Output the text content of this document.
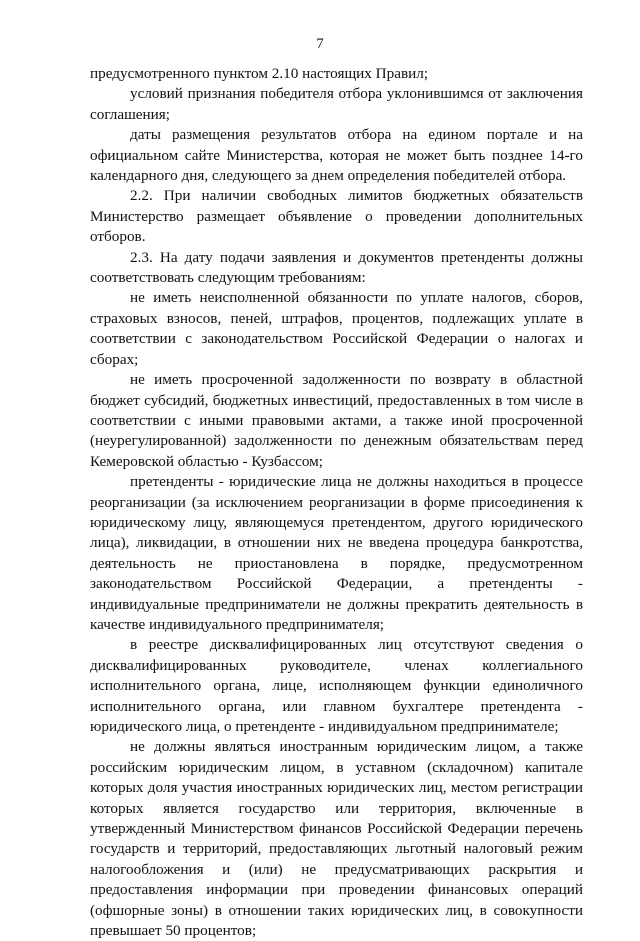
7

предусмотренного пунктом 2.10 настоящих Правил;

условий признания победителя отбора уклонившимся от заключения соглашения;

даты размещения результатов отбора на едином портале и на официальном сайте Министерства, которая не может быть позднее 14-го календарного дня, следующего за днем определения победителей отбора.

2.2. При наличии свободных лимитов бюджетных обязательств Министерство размещает объявление о проведении дополнительных отборов.

2.3. На дату подачи заявления и документов претенденты должны соответствовать следующим требованиям:

не иметь неисполненной обязанности по уплате налогов, сборов, страховых взносов, пеней, штрафов, процентов, подлежащих уплате в соответствии с законодательством Российской Федерации о налогах и сборах;

не иметь просроченной задолженности по возврату в областной бюджет субсидий, бюджетных инвестиций, предоставленных в том числе в соответствии с иными правовыми актами, а также иной просроченной (неурегулированной) задолженности по денежным обязательствам перед Кемеровской областью - Кузбассом;

претенденты - юридические лица не должны находиться в процессе реорганизации (за исключением реорганизации в форме присоединения к юридическому лицу, являющемуся претендентом, другого юридического лица), ликвидации, в отношении них не введена процедура банкротства, деятельность не приостановлена в порядке, предусмотренном законодательством Российской Федерации, а претенденты - индивидуальные предприниматели не должны прекратить деятельность в качестве индивидуального предпринимателя;

в реестре дисквалифицированных лиц отсутствуют сведения о дисквалифицированных руководителе, членах коллегиального исполнительного органа, лице, исполняющем функции единоличного исполнительного органа, или главном бухгалтере претендента - юридического лица, о претенденте - индивидуальном предпринимателе;

не должны являться иностранным юридическим лицом, а также российским юридическим лицом, в уставном (складочном) капитале которых доля участия иностранных юридических лиц, местом регистрации которых является государство или территория, включенные в утвержденный Министерством финансов Российской Федерации перечень государств и территорий, предоставляющих льготный налоговый режим налогообложения и (или) не предусматривающих раскрытия и предоставления информации при проведении финансовых операций (офшорные зоны) в отношении таких юридических лиц, в совокупности превышает 50 процентов;
